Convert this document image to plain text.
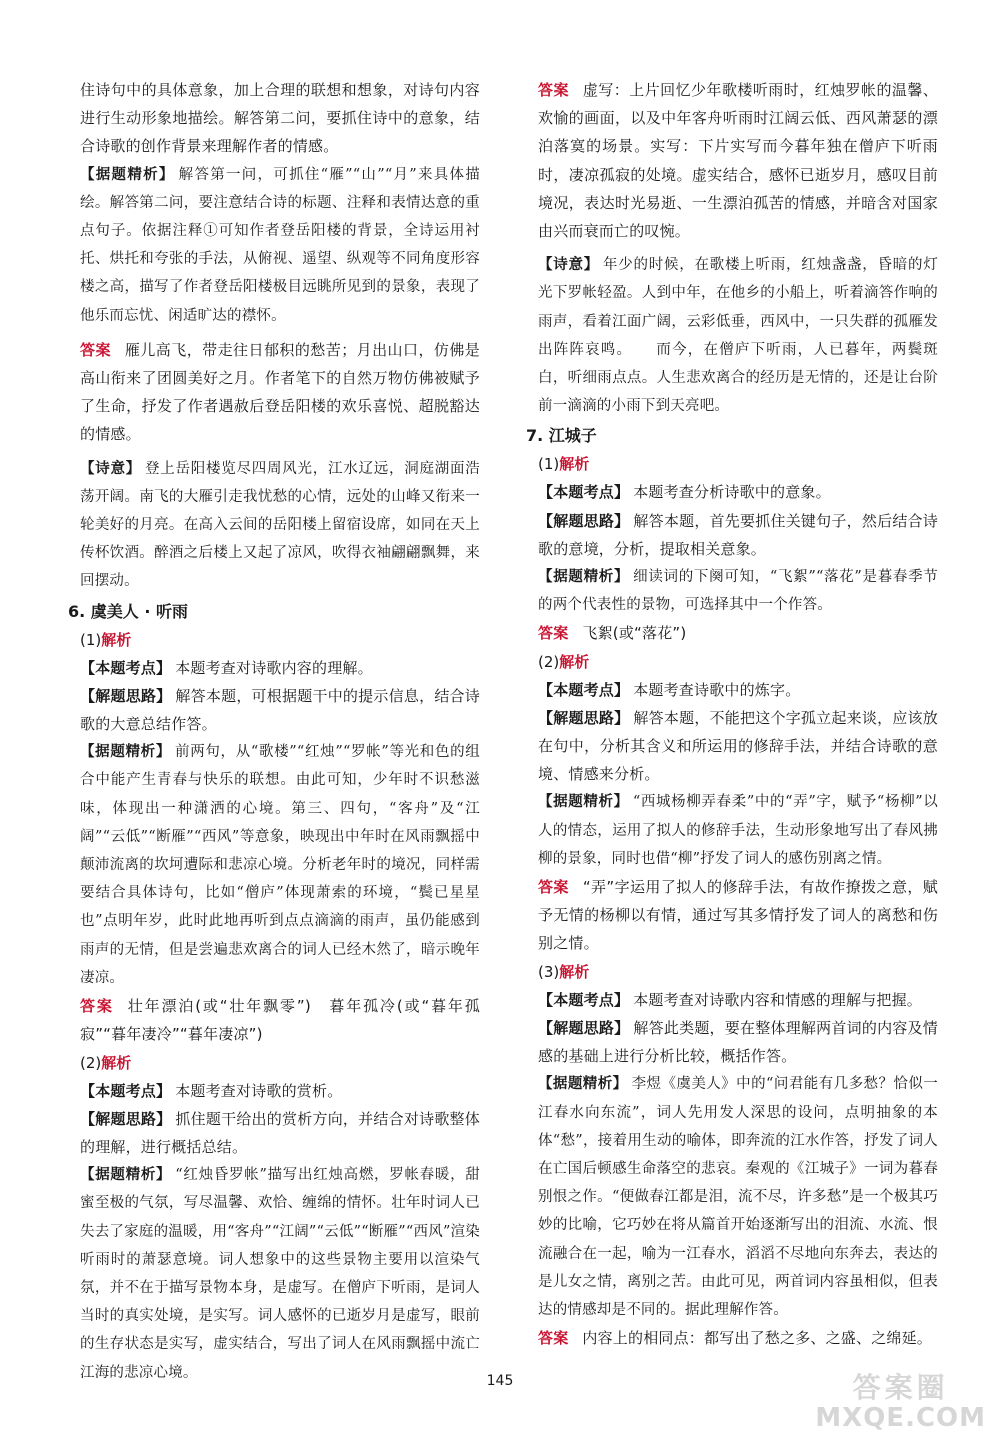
住诗句中的具体意象，加上合理的联想和想象，对诗句内容进行生动形象地描绘。解答第二问，要抓住诗中的意象，结合诗歌的创作背景来理解作者的情感。

【据题精析】 解答第一问，可抓住“雁”“山”“月”来具体描绘。解答第二问，要注意结合诗的标题、注释和表情达意的重点句子。依据注释①可知作者登岳阳楼的背景，全诗运用衬托、烘托和夸张的手法，从俯视、遥望、纵观等不同角度形容楼之高，描写了作者登岳阳楼极目远眺所见到的景象，表现了他乐而忘忧、闲适旷达的襟怀。

答案 雁儿高飞，带走往日郁积的愁苦；月出山口，仿佛是高山衔来了团圆美好之月。作者笔下的自然万物仿佛被赋予了生命，抒发了作者遇赦后登岳阳楼的欢乐喜悦、超脱豁达的情感。

【诗意】 登上岳阳楼览尽四周风光，江水辽远，洞庭湖面浩荡开阔。南飞的大雁引走我忧愁的心情，远处的山峰又衔来一轮美好的月亮。在高入云间的岳阳楼上留宿设席，如同在天上传杯饮酒。醉酒之后楼上又起了凉风，吹得衣袖翩翩飘舞，来回摆动。

6. 虞美人 · 听雨

(1)解析

【本题考点】 本题考查对诗歌内容的理解。

【解题思路】 解答本题，可根据题干中的提示信息，结合诗歌的大意总结作答。

【据题精析】 前两句，从“歌楼”“红烛”“罗帐”等光和色的组合中能产生青春与快乐的联想。由此可知，少年时不识愁滋味，体现出一种潇洒的心境。第三、四句，“客舟”及“江阔”“云低”“断雁”“西风”等意象，映现出中年时在风雨飘摇中颠沛流离的坎坷遭际和悲凉心境。分析老年时的境况，同样需要结合具体诗句，比如“僧庐”体现萧索的环境，“鬓已星星也”点明年岁，此时此地再听到点点滴滴的雨声，虽仍能感到雨声的无情，但是尝遍悲欢离合的词人已经木然了，暗示晚年凄凉。

答案 壮年漂泊(或“壮年飘零”)　暮年孤冷(或“暮年孤寂”“暮年凄冷”“暮年凄凉”)

(2)解析

【本题考点】 本题考查对诗歌的赏析。

【解题思路】 抓住题干给出的赏析方向，并结合对诗歌整体的理解，进行概括总结。

【据题精析】 “红烛昏罗帐”描写出红烛高燃，罗帐春暖，甜蜜至极的气氛，写尽温馨、欢恰、缠绵的情怀。壮年时词人已失去了家庭的温暖，用“客舟”“江阔”“云低”“断雁”“西风”渲染听雨时的萧瑟意境。词人想象中的这些景物主要用以渲染气氛，并不在于描写景物本身，是虚写。在僧庐下听雨，是词人当时的真实处境，是实写。词人感怀的已逝岁月是虚写，眼前的生存状态是实写，虚实结合，写出了词人在风雨飘摇中流亡江海的悲凉心境。

答案 虚写：上片回忆少年歌楼听雨时，红烛罗帐的温馨、欢愉的画面，以及中年客舟听雨时江阔云低、西风萧瑟的漂泊落寞的场景。实写：下片实写而今暮年独在僧庐下听雨时，凄凉孤寂的处境。虚实结合，感怀已逝岁月，感叹目前境况，表达时光易逝、一生漂泊孤苦的情感，并暗含对国家由兴而衰而亡的叹惋。

【诗意】 年少的时候，在歌楼上听雨，红烛盏盏，昏暗的灯光下罗帐轻盈。人到中年，在他乡的小船上，听着滴答作响的雨声，看着江面广阔，云彩低垂，西风中，一只失群的孤雁发出阵阵哀鸣。　　而今，在僧庐下听雨，人已暮年，两鬓斑白，听细雨点点。人生悲欢离合的经历是无情的，还是让台阶前一滴滴的小雨下到天亮吧。

7. 江城子

(1)解析

【本题考点】 本题考查分析诗歌中的意象。

【解题思路】 解答本题，首先要抓住关键句子，然后结合诗歌的意境，分析，提取相关意象。

【据题精析】 细读词的下阕可知，“飞絮”“落花”是暮春季节的两个代表性的景物，可选择其中一个作答。

答案 飞絮(或“落花”)

(2)解析

【本题考点】 本题考查诗歌中的炼字。

【解题思路】 解答本题，不能把这个字孤立起来谈，应该放在句中，分析其含义和所运用的修辞手法，并结合诗歌的意境、情感来分析。

【据题精析】 “西城杨柳弄春柔”中的“弄”字，赋予“杨柳”以人的情态，运用了拟人的修辞手法，生动形象地写出了春风拂柳的景象，同时也借“柳”抒发了词人的感伤别离之情。

答案 “弄”字运用了拟人的修辞手法，有故作撩拨之意，赋予无情的杨柳以有情，通过写其多情抒发了词人的离愁和伤别之情。

(3)解析

【本题考点】 本题考查对诗歌内容和情感的理解与把握。

【解题思路】 解答此类题，要在整体理解两首词的内容及情感的基础上进行分析比较，概括作答。

【据题精析】 李煜《虞美人》中的“问君能有几多愁？恰似一江春水向东流”，词人先用发人深思的设问，点明抽象的本体“愁”，接着用生动的喻体，即奔流的江水作答，抒发了词人在亡国后顿感生命落空的悲哀。秦观的《江城子》一词为暮春别恨之作。“便做春江都是泪，流不尽，许多愁”是一个极其巧妙的比喻，它巧妙在将从篇首开始逐渐写出的泪流、水流、恨流融合在一起，喻为一江春水，滔滔不尽地向东奔去，表达的是儿女之情，离别之苦。由此可见，两首词内容虽相似，但表达的情感却是不同的。据此理解作答。

答案 内容上的相同点：都写出了愁之多、之盛、之绵延。

145	答案圈
MXQE.COM
